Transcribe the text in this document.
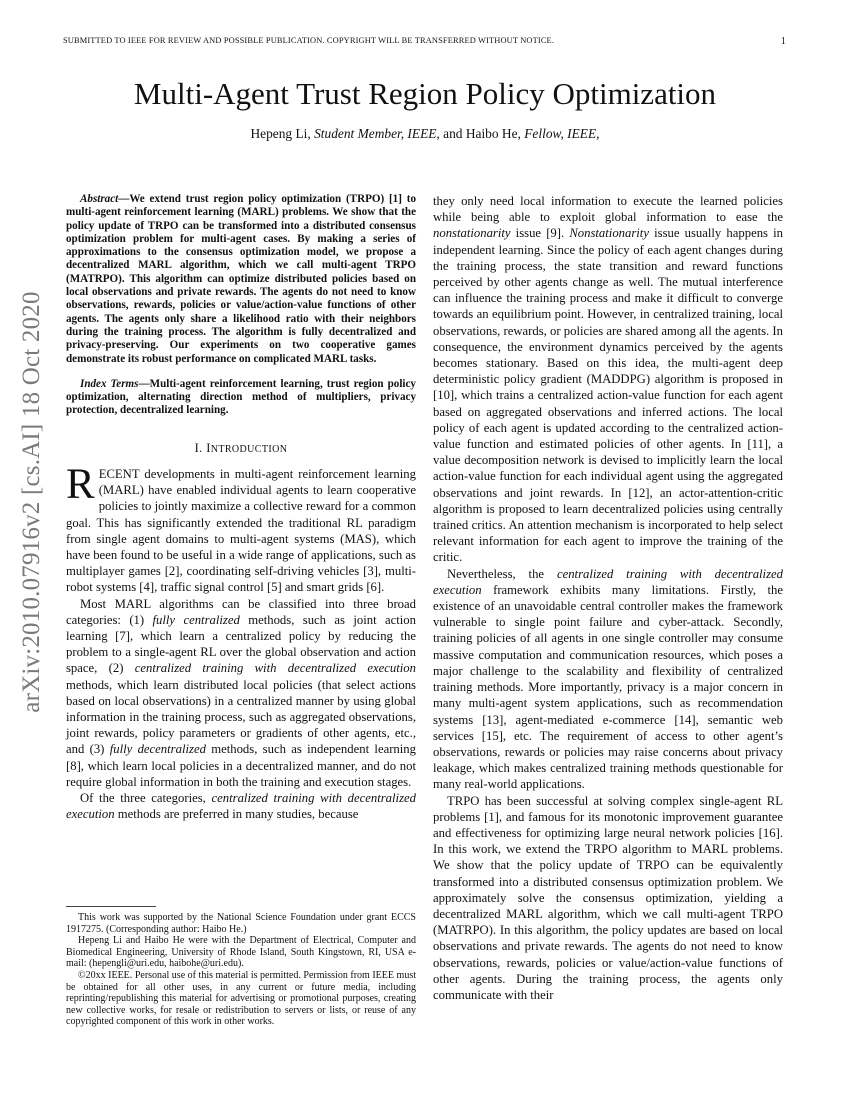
SUBMITTED TO IEEE FOR REVIEW AND POSSIBLE PUBLICATION. COPYRIGHT WILL BE TRANSFERRED WITHOUT NOTICE.	1
Multi-Agent Trust Region Policy Optimization
Hepeng Li, Student Member, IEEE, and Haibo He, Fellow, IEEE,
arXiv:2010.07916v2 [cs.AI] 18 Oct 2020

Abstract—We extend trust region policy optimization (TRPO) [1] to multi-agent reinforcement learning (MARL) problems. We show that the policy update of TRPO can be transformed into a distributed consensus optimization problem for multi-agent cases. By making a series of approximations to the consensus optimization model, we propose a decentralized MARL algorithm, which we call multi-agent TRPO (MATRPO). This algorithm can optimize distributed policies based on local observations and private rewards. The agents do not need to know observations, rewards, policies or value/action-value functions of other agents. The agents only share a likelihood ratio with their neighbors during the training process. The algorithm is fully decentralized and privacy-preserving. Our experiments on two cooperative games demonstrate its robust performance on complicated MARL tasks.

Index Terms—Multi-agent reinforcement learning, trust region policy optimization, alternating direction method of multipliers, privacy protection, decentralized learning.

I. INTRODUCTION

RECENT developments in multi-agent reinforcement learning (MARL) have enabled individual agents to learn cooperative policies to jointly maximize a collective reward for a common goal. This has significantly extended the traditional RL paradigm from single agent domains to multi-agent systems (MAS), which have been found to be useful in a wide range of applications, such as multiplayer games [2], coordinating self-driving vehicles [3], multi-robot systems [4], traffic signal control [5] and smart grids [6].

Most MARL algorithms can be classified into three broad categories: (1) fully centralized methods, such as joint action learning [7], which learn a centralized policy by reducing the problem to a single-agent RL over the global observation and action space, (2) centralized training with decentralized execution methods, which learn distributed local policies (that select actions based on local observations) in a centralized manner by using global information in the training process, such as aggregated observations, joint rewards, policy parameters or gradients of other agents, etc., and (3) fully decentralized methods, such as independent learning [8], which learn local policies in a decentralized manner, and do not require global information in both the training and execution stages.

Of the three categories, centralized training with decentralized execution methods are preferred in many studies, because

This work was supported by the National Science Foundation under grant ECCS 1917275. (Corresponding author: Haibo He.)

Hepeng Li and Haibo He were with the Department of Electrical, Computer and Biomedical Engineering, University of Rhode Island, South Kingstown, RI, USA e-mail: (hepengli@uri.edu, haibohe@uri.edu).

©20xx IEEE. Personal use of this material is permitted. Permission from IEEE must be obtained for all other uses, in any current or future media, including reprinting/republishing this material for advertising or promotional purposes, creating new collective works, for resale or redistribution to servers or lists, or reuse of any copyrighted component of this work in other works.

they only need local information to execute the learned policies while being able to exploit global information to ease the nonstationarity issue [9]. Nonstationarity issue usually happens in independent learning. Since the policy of each agent changes during the training process, the state transition and reward functions perceived by other agents change as well. The mutual interference can influence the training process and make it difficult to converge towards an equilibrium point. However, in centralized training, local observations, rewards, or policies are shared among all the agents. In consequence, the environment dynamics perceived by the agents becomes stationary. Based on this idea, the multi-agent deep deterministic policy gradient (MADDPG) algorithm is proposed in [10], which trains a centralized action-value function for each agent based on aggregated observations and inferred actions. The local policy of each agent is updated according to the centralized action-value function and estimated policies of other agents. In [11], a value decomposition network is devised to implicitly learn the local action-value function for each individual agent using the aggregated observations and joint rewards. In [12], an actor-attention-critic algorithm is proposed to learn decentralized policies using centrally trained critics. An attention mechanism is incorporated to help select relevant information for each agent to improve the training of the critic.

Nevertheless, the centralized training with decentralized execution framework exhibits many limitations. Firstly, the existence of an unavoidable central controller makes the framework vulnerable to single point failure and cyber-attack. Secondly, training policies of all agents in one single controller may consume massive computation and communication resources, which poses a major challenge to the scalability and flexibility of centralized training methods. More importantly, privacy is a major concern in many multi-agent system applications, such as recommendation systems [13], agent-mediated e-commerce [14], semantic web services [15], etc. The requirement of access to other agent’s observations, rewards or policies may raise concerns about privacy leakage, which makes centralized training methods questionable for many real-world applications.

TRPO has been successful at solving complex single-agent RL problems [1], and famous for its monotonic improvement guarantee and effectiveness for optimizing large neural network policies [16]. In this work, we extend the TRPO algorithm to MARL problems. We show that the policy update of TRPO can be equivalently transformed into a distributed consensus optimization problem. We approximately solve the consensus optimization, yielding a decentralized MARL algorithm, which we call multi-agent TRPO (MATRPO). In this algorithm, the policy updates are based on local observations and private rewards. The agents do not need to know observations, rewards, policies or value/action-value functions of other agents. During the training process, the agents only communicate with their
